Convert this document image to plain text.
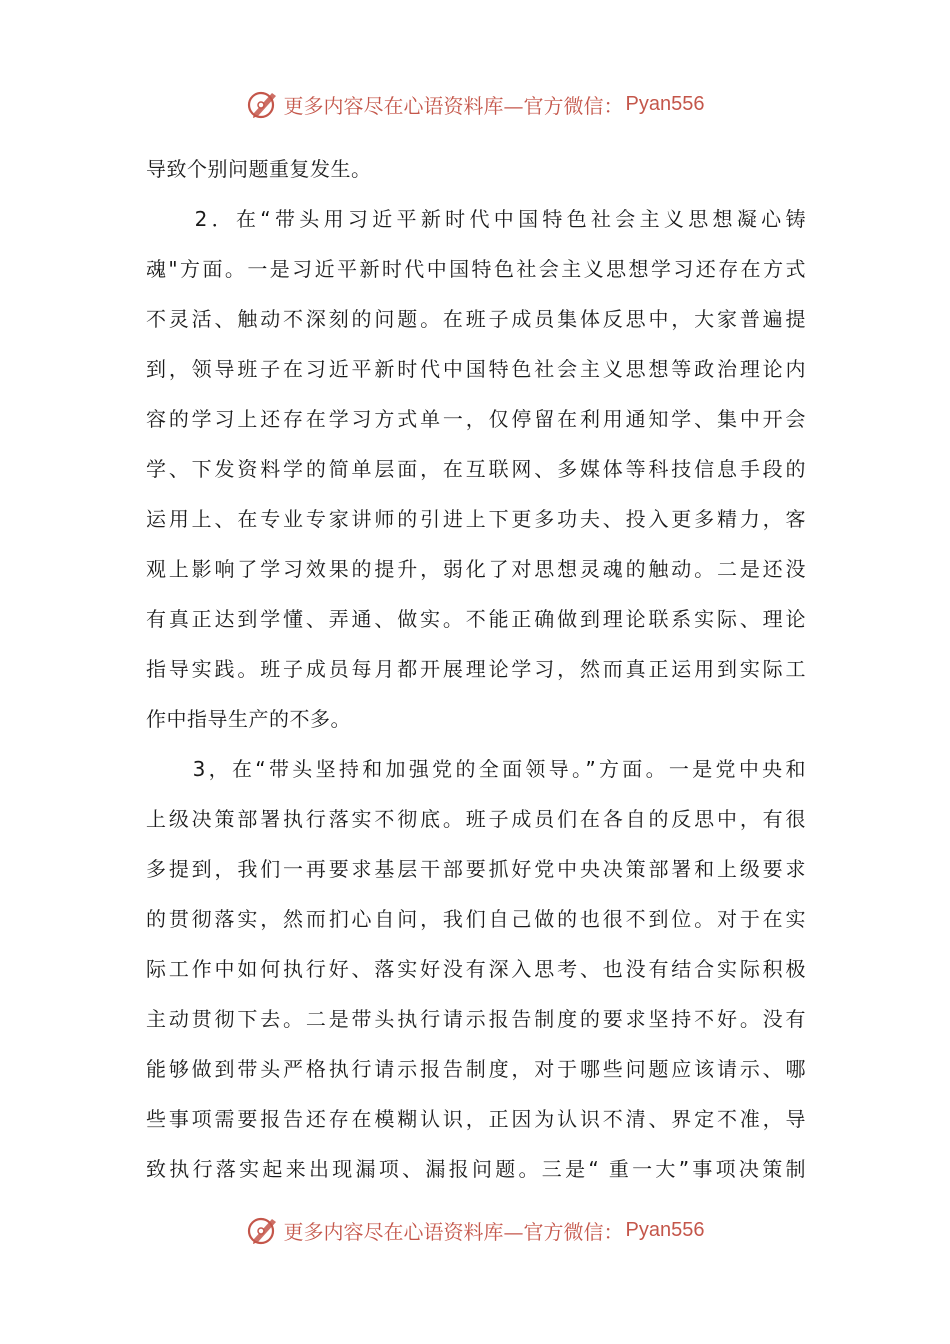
更多内容尽在心语资料库—官方微信： Pyan556
导致个别问题重复发生。
　　2．在“带头用习近平新时代中国特色社会主义思想凝心铸
魂"方面。一是习近平新时代中国特色社会主义思想学习还存在方式
不灵活、触动不深刻的问题。在班子成员集体反思中，大家普遍提
到，领导班子在习近平新时代中国特色社会主义思想等政治理论内
容的学习上还存在学习方式单一，仅停留在利用通知学、集中开会
学、下发资料学的简单层面，在互联网、多媒体等科技信息手段的
运用上、在专业专家讲师的引进上下更多功夫、投入更多精力，客
观上影响了学习效果的提升，弱化了对思想灵魂的触动。二是还没
有真正达到学懂、弄通、做实。不能正确做到理论联系实际、理论
指导实践。班子成员每月都开展理论学习，然而真正运用到实际工
作中指导生产的不多。
　　3，在“带头坚持和加强党的全面领导。”方面。一是党中央和
上级决策部署执行落实不彻底。班子成员们在各自的反思中，有很
多提到，我们一再要求基层干部要抓好党中央决策部署和上级要求
的贯彻落实，然而扪心自问，我们自己做的也很不到位。对于在实
际工作中如何执行好、落实好没有深入思考、也没有结合实际积极
主动贯彻下去。二是带头执行请示报告制度的要求坚持不好。没有
能够做到带头严格执行请示报告制度，对于哪些问题应该请示、哪
些事项需要报告还存在模糊认识，正因为认识不清、界定不准，导
致执行落实起来出现漏项、漏报问题。三是“ 重一大”事项决策制
更多内容尽在心语资料库—官方微信： Pyan556
